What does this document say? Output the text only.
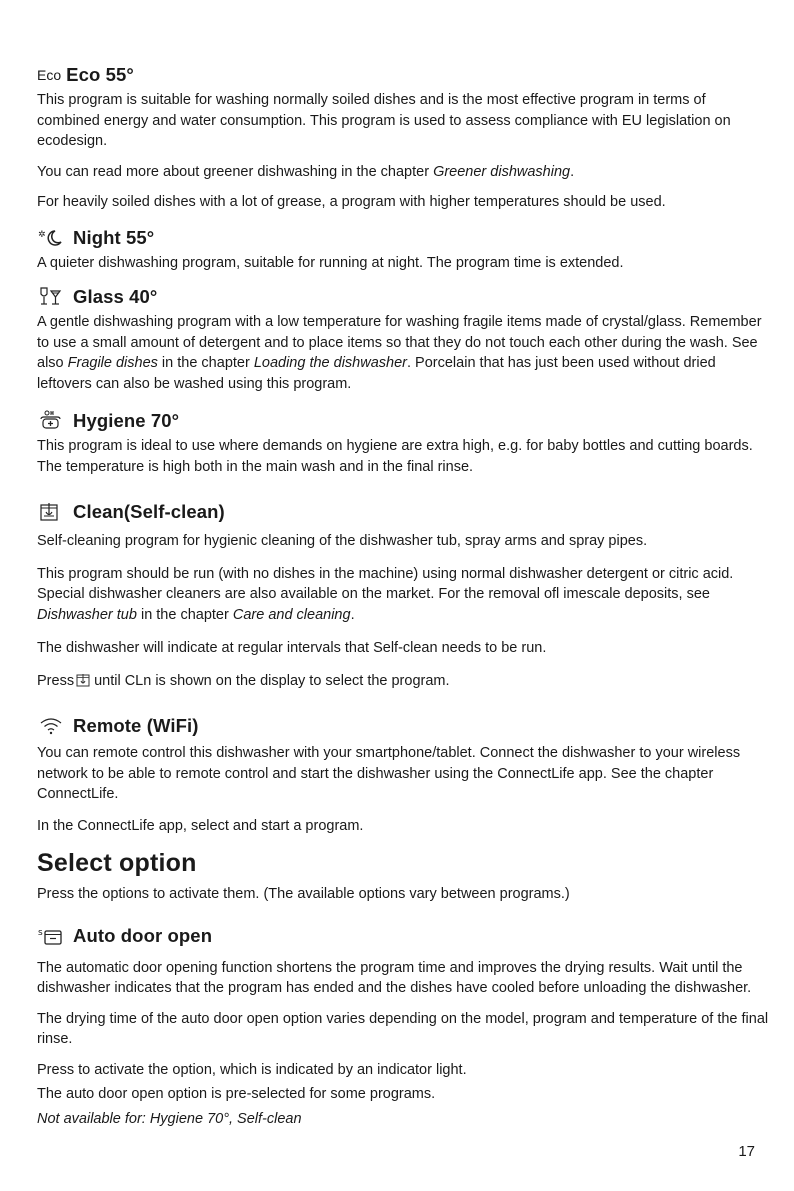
Eco Eco 55°

This program is suitable for washing normally soiled dishes and is the most effective program in terms of combined energy and water consumption. This program is used to assess compliance with EU legislation on ecodesign.

You can read more about greener dishwashing in the chapter Greener dishwashing.

For heavily soiled dishes with a lot of grease, a program with higher temperatures should be used.

✲ Night 55°

A quieter dishwashing program, suitable for running at night. The program time is extended.

Glass 40°

A gentle dishwashing program with a low temperature for washing fragile items made of crystal/glass. Remember to use a small amount of detergent and to place items so that they do not touch each other during the wash. See also Fragile dishes in the chapter Loading the dishwasher. Porcelain that has just been used without dried leftovers can also be washed using this program.

Hygiene 70°

This program is ideal to use where demands on hygiene are extra high, e.g. for baby bottles and cutting boards. The temperature is high both in the main wash and in the final rinse.

Clean(Self-clean)

Self-cleaning program for hygienic cleaning of the dishwasher tub, spray arms and spray pipes.

This program should be run (with no dishes in the machine) using normal dishwasher detergent or citric acid. Special dishwasher cleaners are also available on the market. For the removal ofl imescale deposits, see Dishwasher tub in the chapter Care and cleaning.

The dishwasher will indicate at regular intervals that Self-clean needs to be run.

Press until CLn is shown on the display to select the program.

Remote (WiFi)

You can remote control this dishwasher with your smartphone/tablet. Connect the dishwasher to your wireless network to be able to remote control and start the dishwasher using the ConnectLife app. See the chapter ConnectLife.

In the ConnectLife app, select and start a program.

Select option

Press the options to activate them. (The available options vary between programs.)

s Auto door open

The automatic door opening function shortens the program time and improves the drying results. Wait until the dishwasher indicates that the program has ended and the dishes have cooled before unloading the dishwasher.

The drying time of the auto door open option varies depending on the model, program and temperature of the final rinse.

Press to activate the option, which is indicated by an indicator light.

The auto door open option is pre-selected for some programs.

Not available for: Hygiene 70°, Self-clean

17
